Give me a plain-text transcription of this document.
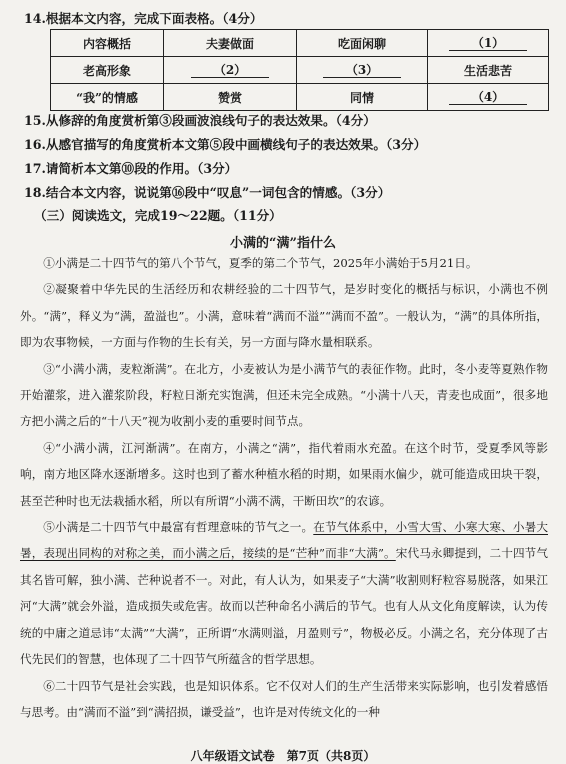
14.根据本文内容，完成下面表格。（4分）
内容概括	夫妻做面	吃面闲聊	（1）
老高形象	（2）	（3）	生活悲苦
“我”的情感	赞赏	同情	（4）
15.从修辞的角度赏析第③段画波浪线句子的表达效果。（4分）
16.从感官描写的角度赏析本文第⑤段中画横线句子的表达效果。（3分）
17.请简析本文第⑩段的作用。（3分）
18.结合本文内容，说说第⑯段中“叹息”一词包含的情感。（3分）
（三）阅读选文，完成19～22题。（11分）
小满的“满”指什么

①小满是二十四节气的第八个节气，夏季的第二个节气，2025年小满始于5月21日。

②凝聚着中华先民的生活经历和农耕经验的二十四节气，是岁时变化的概括与标识，小满也不例外。“满”，释义为“满，盈溢也”。小满，意味着“满而不溢”“满而不盈”。一般认为，“满”的具体所指，即为农事物候，一方面与作物的生长有关，另一方面与降水量相联系。

③“小满小满，麦粒渐满”。在北方，小麦被认为是小满节气的表征作物。此时，冬小麦等夏熟作物开始灌浆，进入灌浆阶段，籽粒日渐充实饱满，但还未完全成熟。“小满十八天，青麦也成面”，很多地方把小满之后的“十八天”视为收割小麦的重要时间节点。

④“小满小满，江河渐满”。在南方，小满之“满”，指代着雨水充盈。在这个时节，受夏季风等影响，南方地区降水逐渐增多。这时也到了蓄水种植水稻的时期，如果雨水偏少，就可能造成田块干裂，甚至芒种时也无法栽插水稻，所以有所谓“小满不满，干断田坎”的农谚。

⑤小满是二十四节气中最富有哲理意味的节气之一。在节气体系中，小雪大雪、小寒大寒、小暑大暑，表现出同构的对称之美，而小满之后，接续的是“芒种”而非“大满”。宋代马永卿提到，二十四节气其名皆可解，独小满、芒种说者不一。对此，有人认为，如果麦子“大满”收割则籽粒容易脱落，如果江河“大满”就会外溢，造成损失或危害。故而以芒种命名小满后的节气。也有人从文化角度解读，认为传统的中庸之道忌讳“太满”“大满”，正所谓“水满则溢，月盈则亏”，物极必反。小满之名，充分体现了古代先民们的智慧，也体现了二十四节气所蕴含的哲学思想。

⑥二十四节气是社会实践，也是知识体系。它不仅对人们的生产生活带来实际影响，也引发着感悟与思考。由“满而不溢”到“满招损，谦受益”，也许是对传统文化的一种

八年级语文试卷　第7页（共8页）
